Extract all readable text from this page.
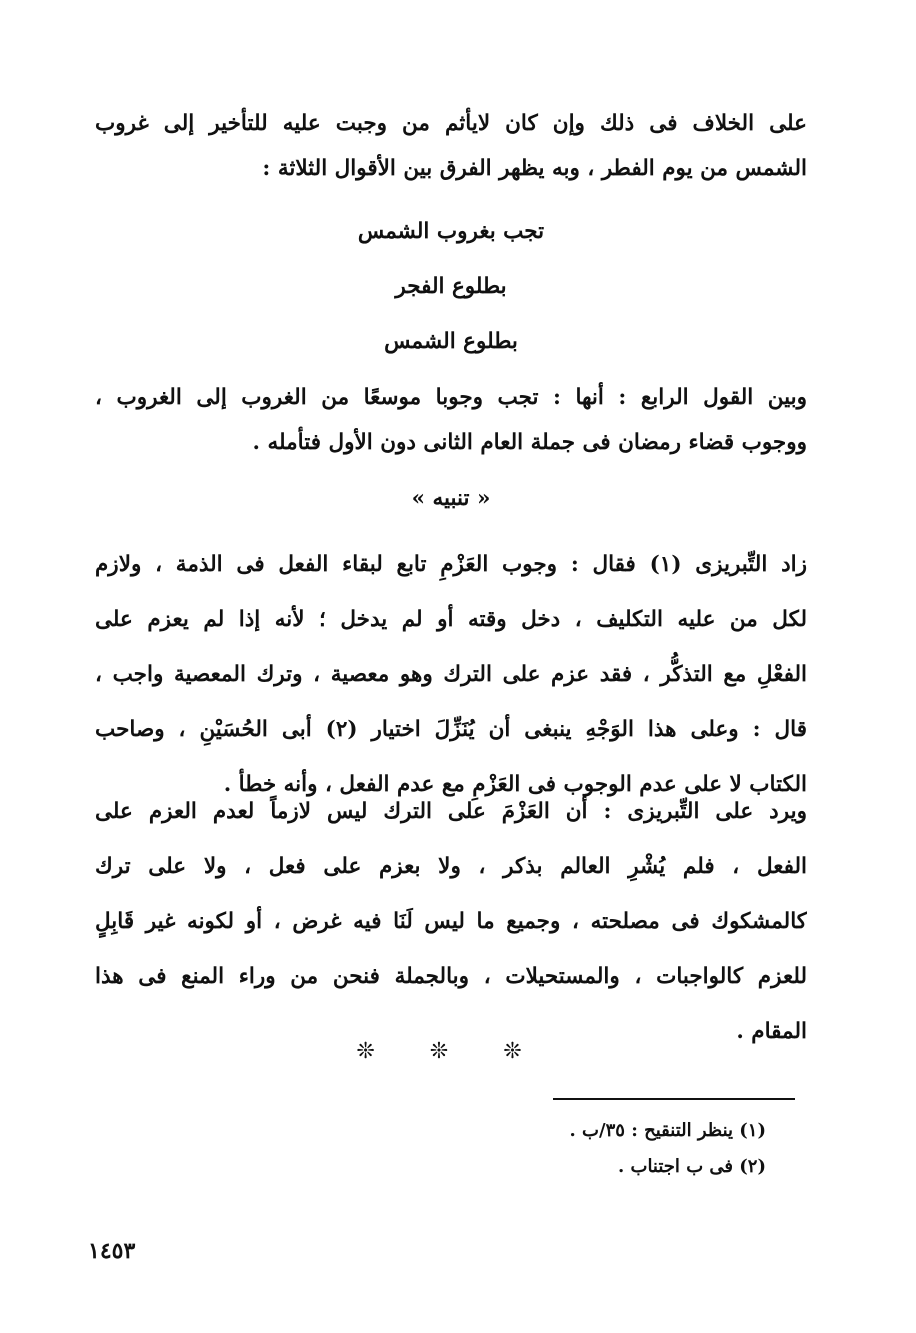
على الخلاف فى ذلك وإن كان لايأثم من وجبت عليه للتأخير إلى غروب
الشمس من يوم الفطر ، وبه يظهر الفرق بين الأقوال الثلاثة :
تجب بغروب الشمس
بطلوع الفجر
بطلوع الشمس
وبين القول الرابع : أنها : تجب وجوبا موسعًا من الغروب إلى الغروب ،
ووجوب قضاء رمضان فى جملة العام الثانى دون الأول فتأمله .
« تنبيه »
زاد التِّبريزى (١) فقال : وجوب العَزْمِ تابع لبقاء الفعل فى الذمة ، ولازم
لكل من عليه التكليف ، دخل وقته أو لم يدخل ؛ لأنه إذا لم يعزم على
الفعْلِ مع التذكُّر ، فقد عزم على الترك وهو معصية ، وترك المعصية واجب ،
قال : وعلى هذا الوَجْهِ ينبغى أن يُنَزِّلَ اختيار (٢) أبى الحُسَيْنِ ، وصاحب
الكتاب لا على عدم الوجوب فى العَزْمِ مع عدم الفعل ، وأنه خطأ .
ويرد على التِّبريزى : أن العَزْمَ على الترك ليس لازماً لعدم العزم على
الفعل ، فلم يُشْرِ العالم بذكر ، ولا بعزم على فعل ، ولا على ترك
كالمشكوك فى مصلحته ، وجميع ما ليس لَنَا فيه غرض ، أو لكونه غير قَابِلٍ
للعزم كالواجبات ، والمستحيلات ، وبالجملة فنحن من وراء المنع فى هذا
المقام .
❊ ❊ ❊
(١) ينظر التنقيح : ٣٥/ب .
(٢) فى ب اجتناب .
١٤٥٣
